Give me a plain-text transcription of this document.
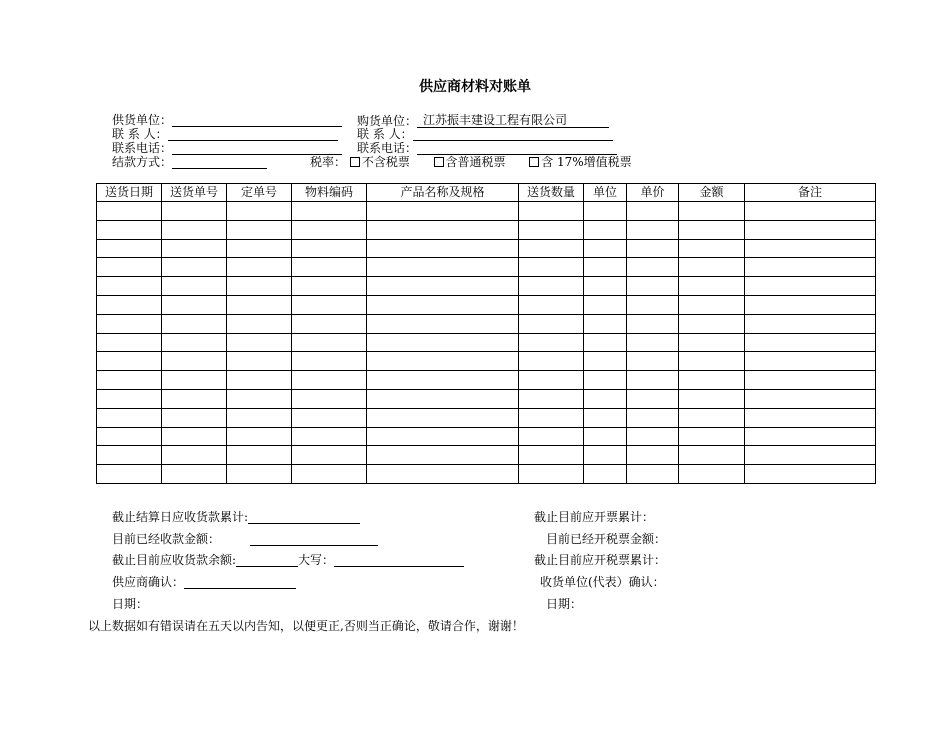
供应商材料对账单
供货单位：	购货单位： 江苏振丰建设工程有限公司
联 系 人：	联 系 人：
联系电话：	联系电话：
结款方式：	税率： 不含税票	含普通税票	含 17%增值税票
送货日期	送货单号	定单号	物料编码	产品名称及规格	送货数量	单位	单价	金额	备注

截止结算日应收货款累计:	截止目前应开票累计：
目前已经收款金额：	目前已经开税票金额：
截止目前应收货款余额:	大写：	截止目前应开税票累计：
供应商确认：	收货单位(代表）确认：
日期：	日期：
以上数据如有错误请在五天以内告知，以便更正,否则当正确论，敬请合作，谢谢！
